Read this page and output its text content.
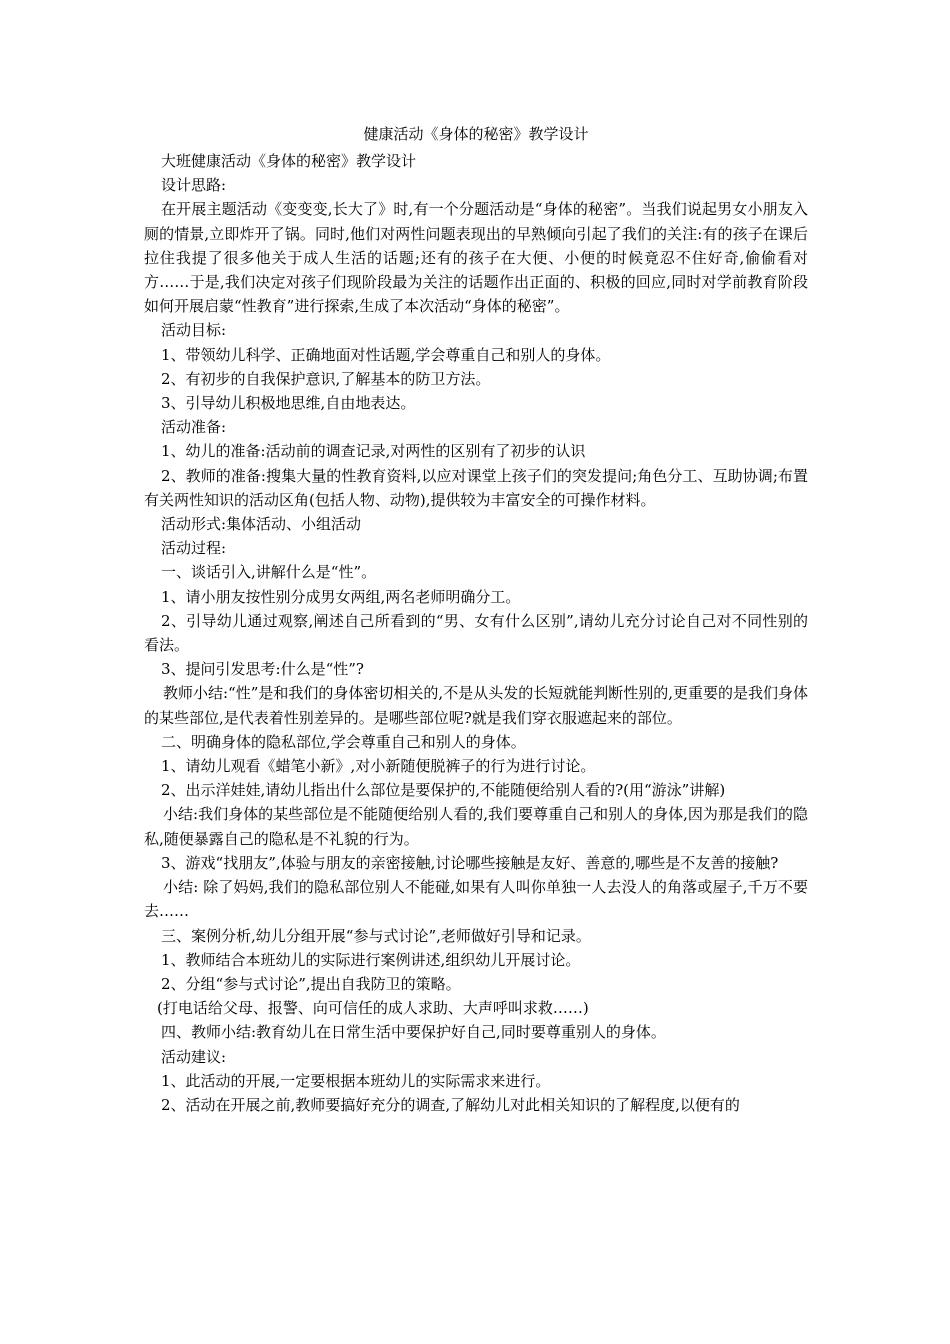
健康活动《身体的秘密》教学设计

大班健康活动《身体的秘密》教学设计

设计思路:

在开展主题活动《变变变,长大了》时,有一个分题活动是“身体的秘密”。当我们说起男女小朋友入厕的情景,立即炸开了锅。同时,他们对两性问题表现出的早熟倾向引起了我们的关注:有的孩子在课后拉住我提了很多他关于成人生活的话题;还有的孩子在大便、小便的时候竟忍不住好奇,偷偷看对方……于是,我们决定对孩子们现阶段最为关注的话题作出正面的、积极的回应,同时对学前教育阶段如何开展启蒙“性教育”进行探索,生成了本次活动“身体的秘密”。

活动目标:

1、带领幼儿科学、正确地面对性话题,学会尊重自己和别人的身体。

2、有初步的自我保护意识,了解基本的防卫方法。

3、引导幼儿积极地思维,自由地表达。

活动准备:

1、幼儿的准备:活动前的调查记录,对两性的区别有了初步的认识

2、教师的准备:搜集大量的性教育资料,以应对课堂上孩子们的突发提问;角色分工、互助协调;布置有关两性知识的活动区角(包括人物、动物),提供较为丰富安全的可操作材料。

活动形式:集体活动、小组活动

活动过程:

一、谈话引入,讲解什么是“性”。

1、请小朋友按性别分成男女两组,两名老师明确分工。

2、引导幼儿通过观察,阐述自己所看到的“男、女有什么区别”,请幼儿充分讨论自己对不同性别的看法。

3、提问引发思考:什么是“性”?

教师小结:“性”是和我们的身体密切相关的,不是从头发的长短就能判断性别的,更重要的是我们身体的某些部位,是代表着性别差异的。是哪些部位呢?就是我们穿衣服遮起来的部位。

二、明确身体的隐私部位,学会尊重自己和别人的身体。

1、请幼儿观看《蜡笔小新》,对小新随便脱裤子的行为进行讨论。

2、出示洋娃娃,请幼儿指出什么部位是要保护的,不能随便给别人看的?(用“游泳”讲解)

小结:我们身体的某些部位是不能随便给别人看的,我们要尊重自己和别人的身体,因为那是我们的隐私,随便暴露自己的隐私是不礼貌的行为。

3、游戏“找朋友”,体验与朋友的亲密接触,讨论哪些接触是友好、善意的,哪些是不友善的接触?

小结: 除了妈妈,我们的隐私部位别人不能碰,如果有人叫你单独一人去没人的角落或屋子,千万不要去……

三、案例分析,幼儿分组开展“参与式讨论”,老师做好引导和记录。

1、教师结合本班幼儿的实际进行案例讲述,组织幼儿开展讨论。

2、分组“参与式讨论”,提出自我防卫的策略。

(打电话给父母、报警、向可信任的成人求助、大声呼叫求救……)

四、教师小结:教育幼儿在日常生活中要保护好自己,同时要尊重别人的身体。

活动建议:

1、此活动的开展,一定要根据本班幼儿的实际需求来进行。

2、活动在开展之前,教师要搞好充分的调查,了解幼儿对此相关知识的了解程度,以便有的
